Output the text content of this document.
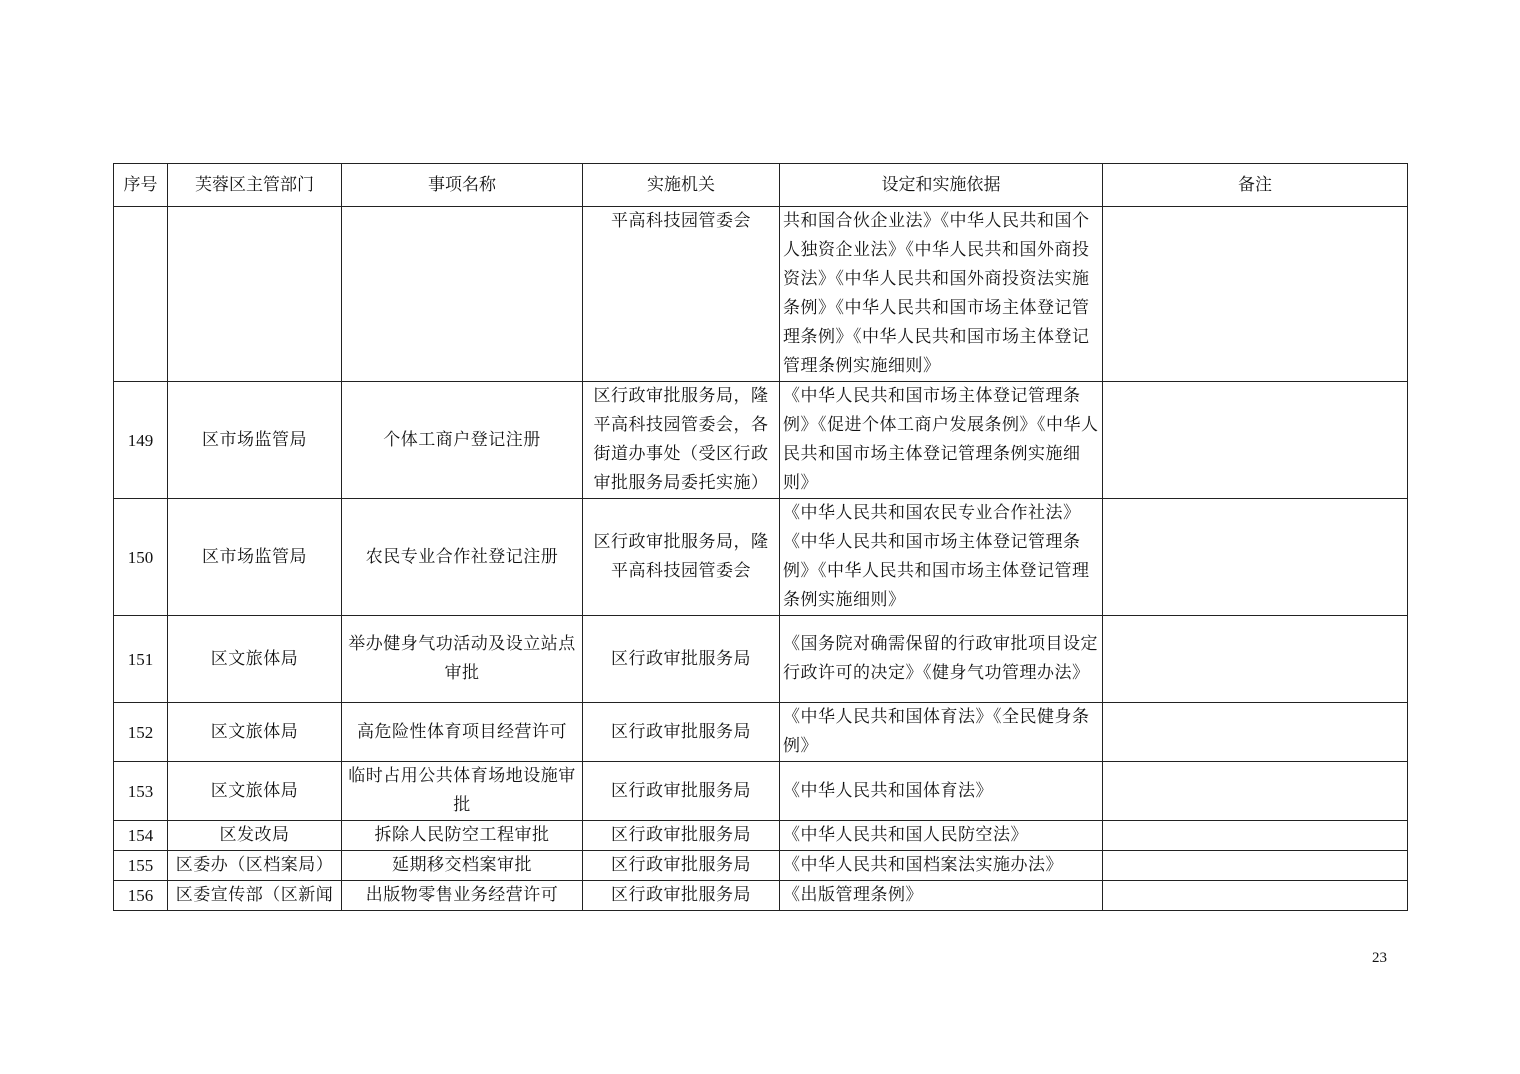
序号	芙蓉区主管部门	事项名称	实施机关	设定和实施依据	备注
			平高科技园管委会	共和国合伙企业法》《中华人民共和国个人独资企业法》《中华人民共和国外商投资法》《中华人民共和国外商投资法实施条例》《中华人民共和国市场主体登记管理条例》《中华人民共和国市场主体登记管理条例实施细则》	
149	区市场监管局	个体工商户登记注册	区行政审批服务局，隆平高科技园管委会，各街道办事处（受区行政审批服务局委托实施）	《中华人民共和国市场主体登记管理条例》《促进个体工商户发展条例》《中华人民共和国市场主体登记管理条例实施细则》	
150	区市场监管局	农民专业合作社登记注册	区行政审批服务局，隆平高科技园管委会	《中华人民共和国农民专业合作社法》《中华人民共和国市场主体登记管理条例》《中华人民共和国市场主体登记管理条例实施细则》	
151	区文旅体局	举办健身气功活动及设立站点审批	区行政审批服务局	《国务院对确需保留的行政审批项目设定行政许可的决定》《健身气功管理办法》	
152	区文旅体局	高危险性体育项目经营许可	区行政审批服务局	《中华人民共和国体育法》《全民健身条例》	
153	区文旅体局	临时占用公共体育场地设施审批	区行政审批服务局	《中华人民共和国体育法》	
154	区发改局	拆除人民防空工程审批	区行政审批服务局	《中华人民共和国人民防空法》	
155	区委办（区档案局）	延期移交档案审批	区行政审批服务局	《中华人民共和国档案法实施办法》	
156	区委宣传部（区新闻	出版物零售业务经营许可	区行政审批服务局	《出版管理条例》	
23
